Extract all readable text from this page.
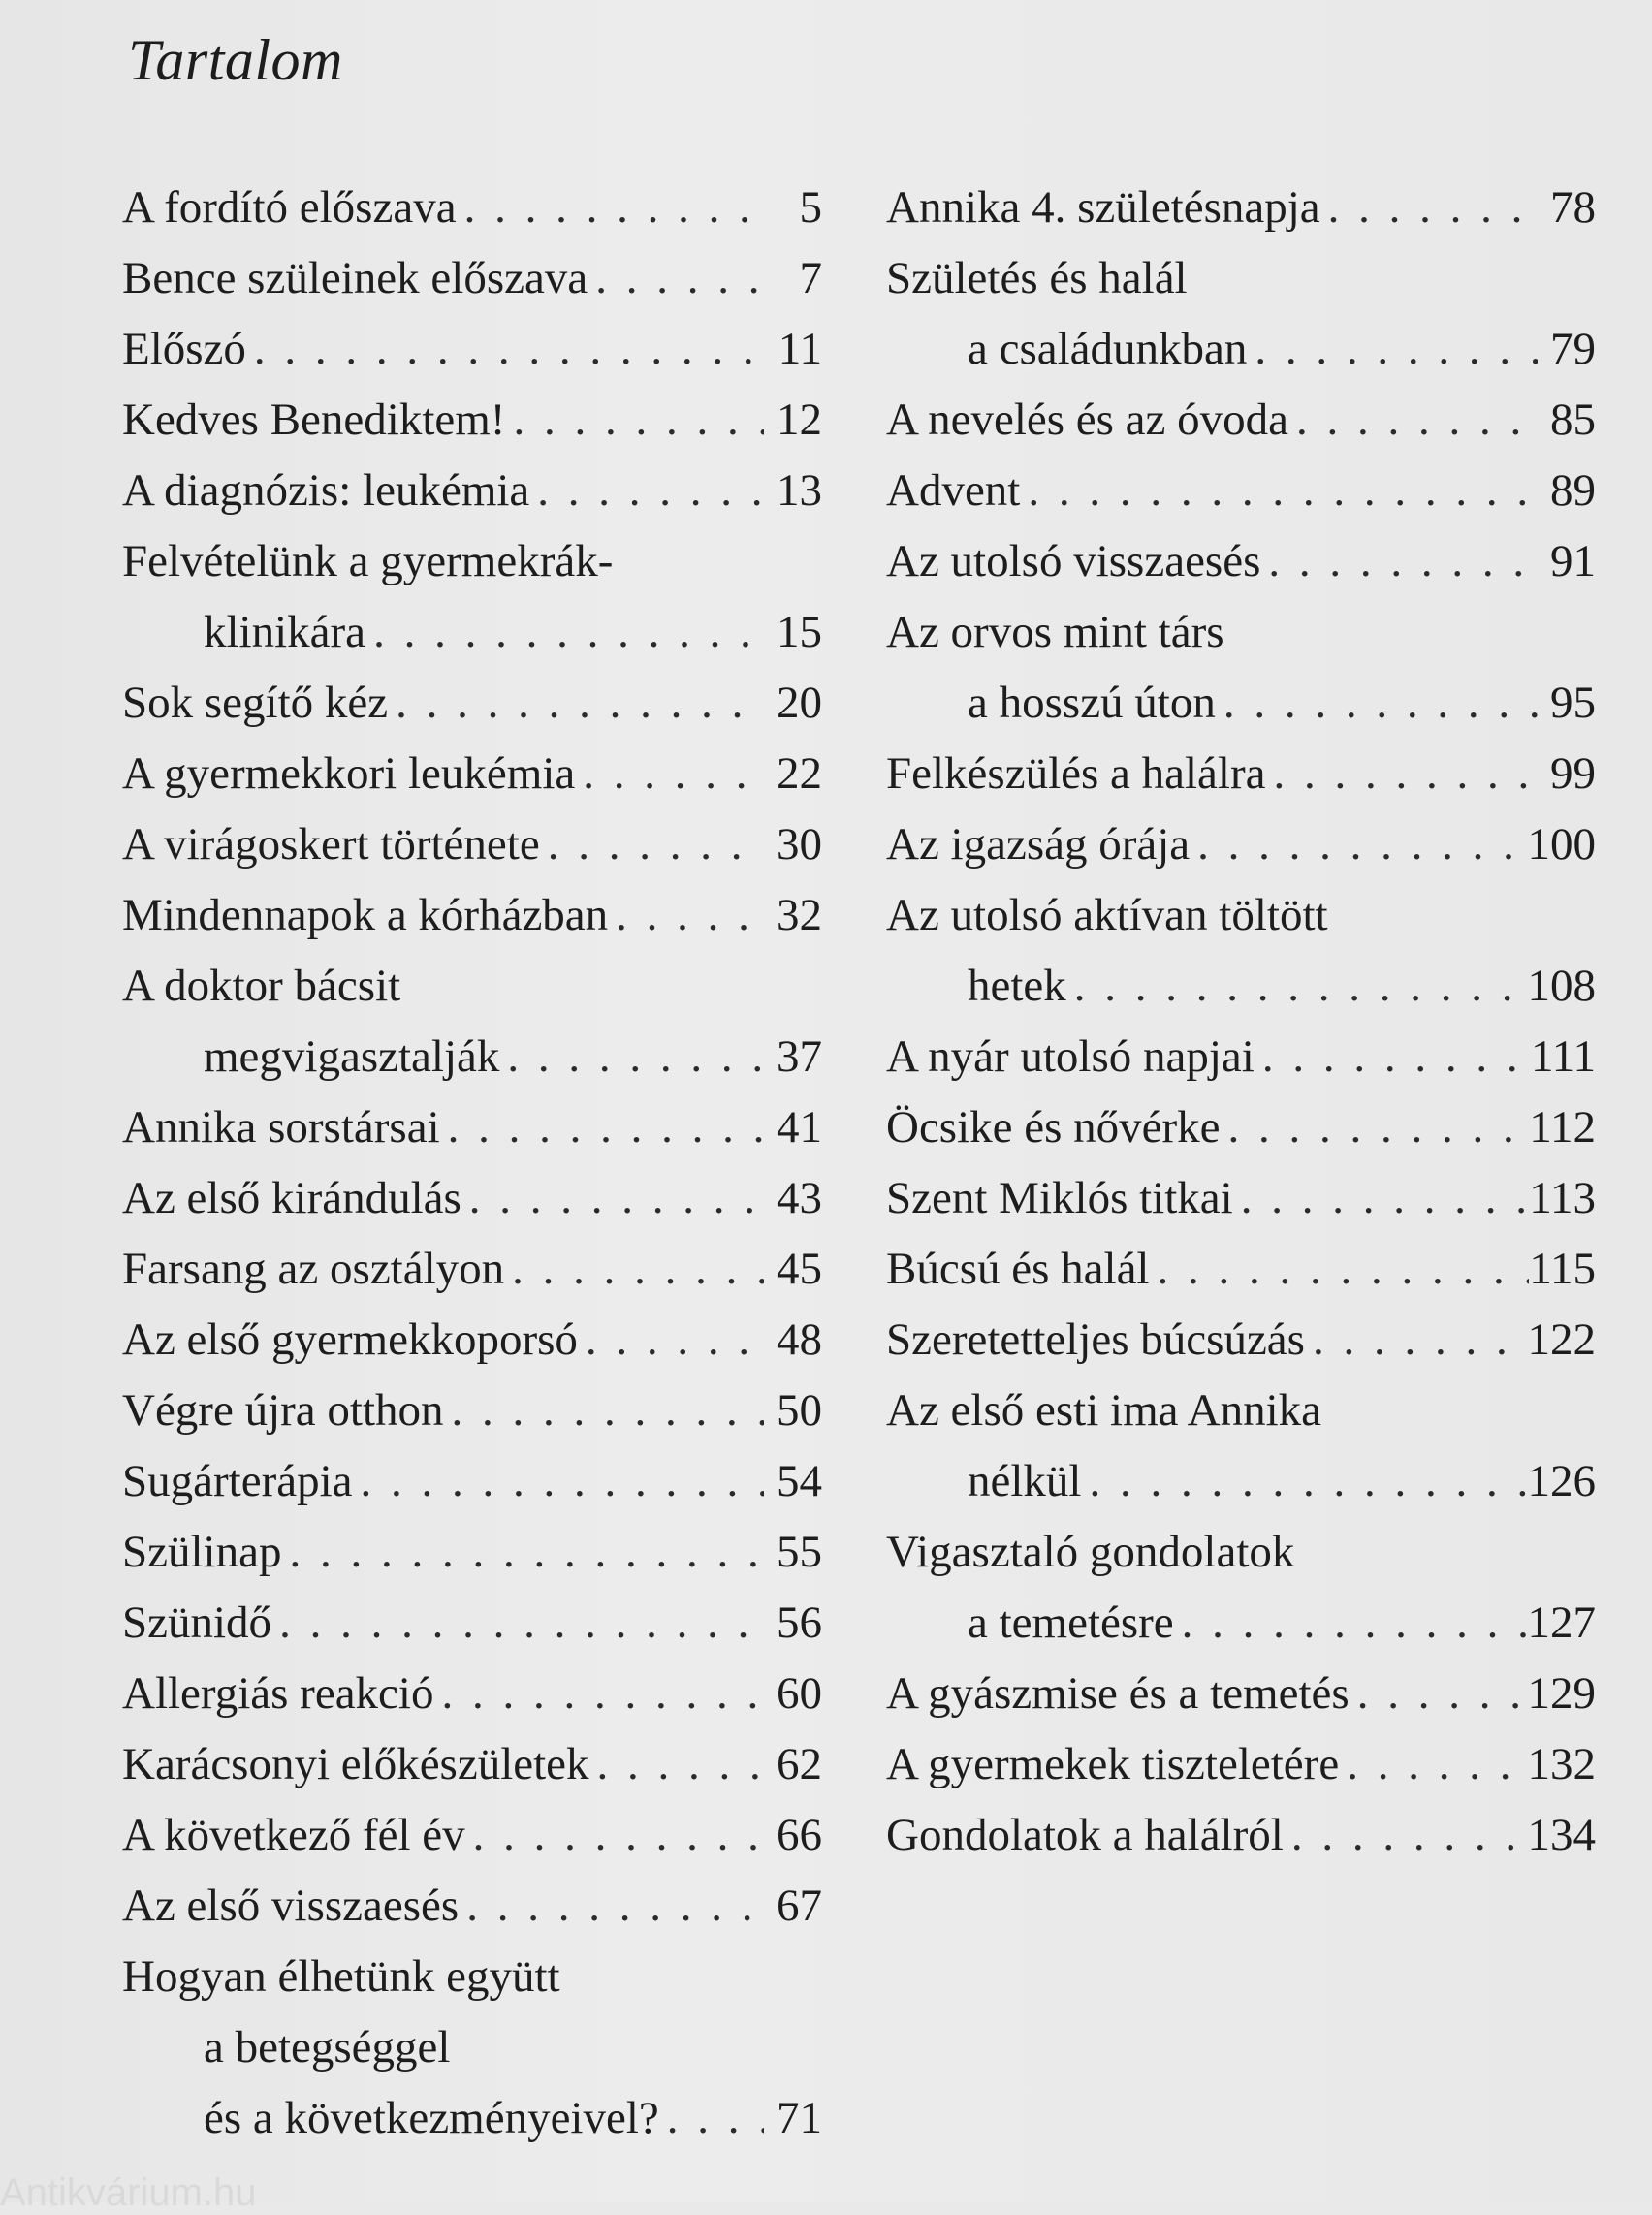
Tartalom
A fordító előszava . . .	5
Bence szüleinek előszava . . .	7
Előszó . . .	11
Kedves Benediktem! . . .	12
A diagnózis: leukémia . . .	13
Felvételünk a gyermekrák-
klinikára . . .	15
Sok segítő kéz . . .	20
A gyermekkori leukémia . . .	22
A virágoskert története . . .	30
Mindennapok a kórházban . . .	32
A doktor bácsit
megvigasztalják . . .	37
Annika sorstársai . . .	41
Az első kirándulás . . .	43
Farsang az osztályon . . .	45
Az első gyermekkoporsó . . .	48
Végre újra otthon . . .	50
Sugárterápia . . .	54
Szülinap . . .	55
Szünidő . . .	56
Allergiás reakció . . .	60
Karácsonyi előkészületek . . .	62
A következő fél év . . .	66
Az első visszaesés . . .	67
Hogyan élhetünk együtt
a betegséggel
és a következményeivel? . . .	71
Annika 4. születésnapja . . .	78
Születés és halál
a családunkban . . .	79
A nevelés és az óvoda . . .	85
Advent . . .	89
Az utolsó visszaesés . . .	91
Az orvos mint társ
a hosszú úton . . .	95
Felkészülés a halálra . . .	99
Az igazság órája . . .	100
Az utolsó aktívan töltött
hetek . . .	108
A nyár utolsó napjai . . .	111
Öcsike és nővérke . . .	112
Szent Miklós titkai . . .	113
Búcsú és halál . . .	115
Szeretetteljes búcsúzás . . .	122
Az első esti ima Annika
nélkül . . .	126
Vigasztaló gondolatok
a temetésre . . .	127
A gyászmise és a temetés . . .	129
A gyermekek tiszteletére . . .	132
Gondolatok a halálról . . .	134
Antikvárium.hu
